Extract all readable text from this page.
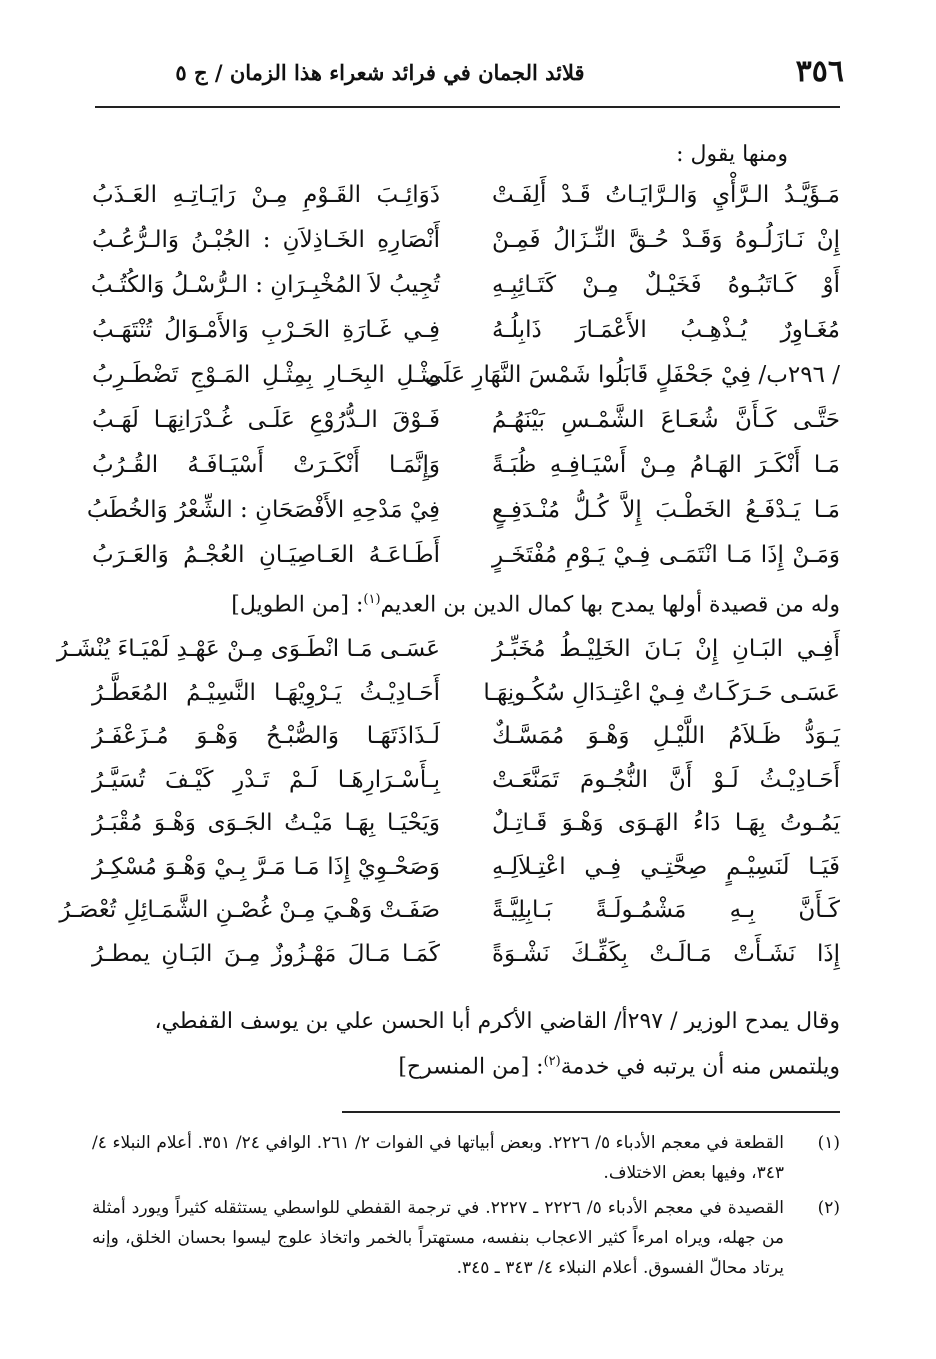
٣٥٦
قلائد الجمان في فرائد شعراء هذا الزمان / ج ٥
ومنها يقول :
مَـؤَيَّـدُ الـرَّأْيِ وَالـرَّايَـاتُ قَـدْ أَلِفَـتْ
ذَوَائِـبَ القَـوْمِ مِـنْ رَايَـاتِـهِ العَـذَبُ
إِنْ نَـازَلُـوهُ وَقَـدْ حُـقَّ النِّـزَالُ فَمِـنْ
أَنْصَارِهِ الخَـاذِلاَنِ : الجُبْـنُ وَالـرُّعُـبُ
أَوْ كَـاتَبُـوهُ فَخَيْـلٌ مِـنْ كَتَـائِبِـهِ
تُجِيبُ لاَ المُخْبِـرَانِ : الـرُّسْـلُ وَالكُتُـبُ
مُغَـاوِرٌ يُـذْهِـبُ الأَعْمَـارَ ذَابِلُـهُ
فِـي غَـارَةِ الحَـرْبِ وَالأَمْـوَالُ تُنْتَهَـبُ
/ ٢٩٦ب/ فِيْ جَحْفَلٍ قَابَلُوا شَمْسَ النَّهَارِ عَلَى
مِثْـلِ البِحَـارِ بِمِثْـلِ المَـوْجِ تَضْطَـرِبُ
حَتَّـى كَـأَنَّ شُعَـاعَ الشَّمْـسِ بَيْنَهُـمُ
فَـوْقَ الـدُّرُوْعِ عَلَـى غُـدْرَانِهَـا لَهَـبُ
مَـا أَنْكَـرَ الهَـامُ مِـنْ أَسْيَـافِـهِ ظُبَـةً
وَإِنَّمَـا أَنْكَـرَتْ أَسْيَـافَـهُ القُـرُبُ
مَـا يَـدْفَـعُ الخَطْـبَ إِلاَّ كُـلُّ مُنْـدَفِـعٍ
فِيْ مَدْحِهِ الأَفْصَحَانِ : الشِّعْرُ وَالخُطَبُ
وَمَـنْ إِذَا مَـا انْتَمَـى فِـيْ يَـوْمِ مُفْتَخَـرٍ
أَطَـاعَـهُ العَـاصِيَـانِ العُجْـمُ وَالعَـرَبُ
وله من قصيدة أولها يمدح بها كمال الدين بن العديم$^{(١)}$: [من الطويل]
أَفِـي البَـانِ إِنْ بَـانَ الخَلِيْـطُ مُخَبِّـرُ
عَسَـى مَـا انْطَـوَى مِـنْ عَهْـدِ لَمْيَـاءَ يُنْشَـرُ
عَسَـى حَـرَكَـاتٌ فِـيْ اعْتِـدَالِ سُكُـونِهَـا
أَحَـادِيْـثُ يَـرْوِيْهَـا النَّسِيْـمُ المُعَطَّـرُ
يَـوَدُّ ظَـلاَمُ اللَّيْـلِ وَهْـوَ مُمَسَّـكٌ
لَـذَاذَتَهَـا وَالصُّبْـحُ وَهْـوَ مُـزَعْفَـرُ
أَحَـادِيْـثُ لَـوْ أَنَّ النُّجُـومَ تَمَنَّعَـتْ
بِـأَسْـرَارِهَـا لَـمْ تَـدْرِ كَيْـفَ تُسَيَّـرُ
يَمُـوتُ بِهَـا دَاءُ الهَـوَى وَهْـوَ قَـاتِـلٌ
وَيَحْيَـا بِهَـا مَيْـتُ الجَـوَى وَهْـوَ مُقْبَـرُ
فَيَـا لَنَسِيْـمٍ صِحَّتِـي فِـي اعْتِـلاَلِـهِ
وَصَحْـوِيْ إِذَا مَـا مَـرَّ بِـيْ وَهْـوَ مُسْكِـرُ
كَـأَنَّ بِـهِ مَشْمُـولَـةً بَـابِلِيَّـةً
صَفَـتْ وَهْـيَ مِـنْ غُصْـنِ الشَّمَـائِلِ تُعْصَـرُ
إِذَا نَشَـأَتْ مَـالَـتْ بِكَفِّـكَ نَشْـوَةً
كَمَـا مَـالَ مَهْـزُوزٌ مِـنَ البَـانِ يمطـرُ
وقال يمدح الوزير / ٢٩٧أ/ القاضي الأكرم أبا الحسن علي بن يوسف القفطي،
ويلتمس منه أن يرتبه في خدمة$^{(٢)}$: [من المنسرح]
(١)
القطعة في معجم الأدباء ٥/ ٢٢٢٦. وبعض أبياتها في الفوات ٢/ ٢٦١. الوافي ٢٤/ ٣٥١. أعلام النبلاء ٤/ ٣٤٣، وفيها بعض الاختلاف.
(٢)
القصيدة في معجم الأدباء ٥/ ٢٢٢٦ ـ ٢٢٢٧. في ترجمة القفطي للواسطي يستثقله كثيراً ويورد أمثلة من جهله، ويراه امرءاً كثير الاعجاب بنفسه، مستهتراً بالخمر واتخاذ علوج ليسوا بحسان الخلق، وإنه يرتاد محالّ الفسوق. أعلام النبلاء ٤/ ٣٤٣ ـ ٣٤٥.
